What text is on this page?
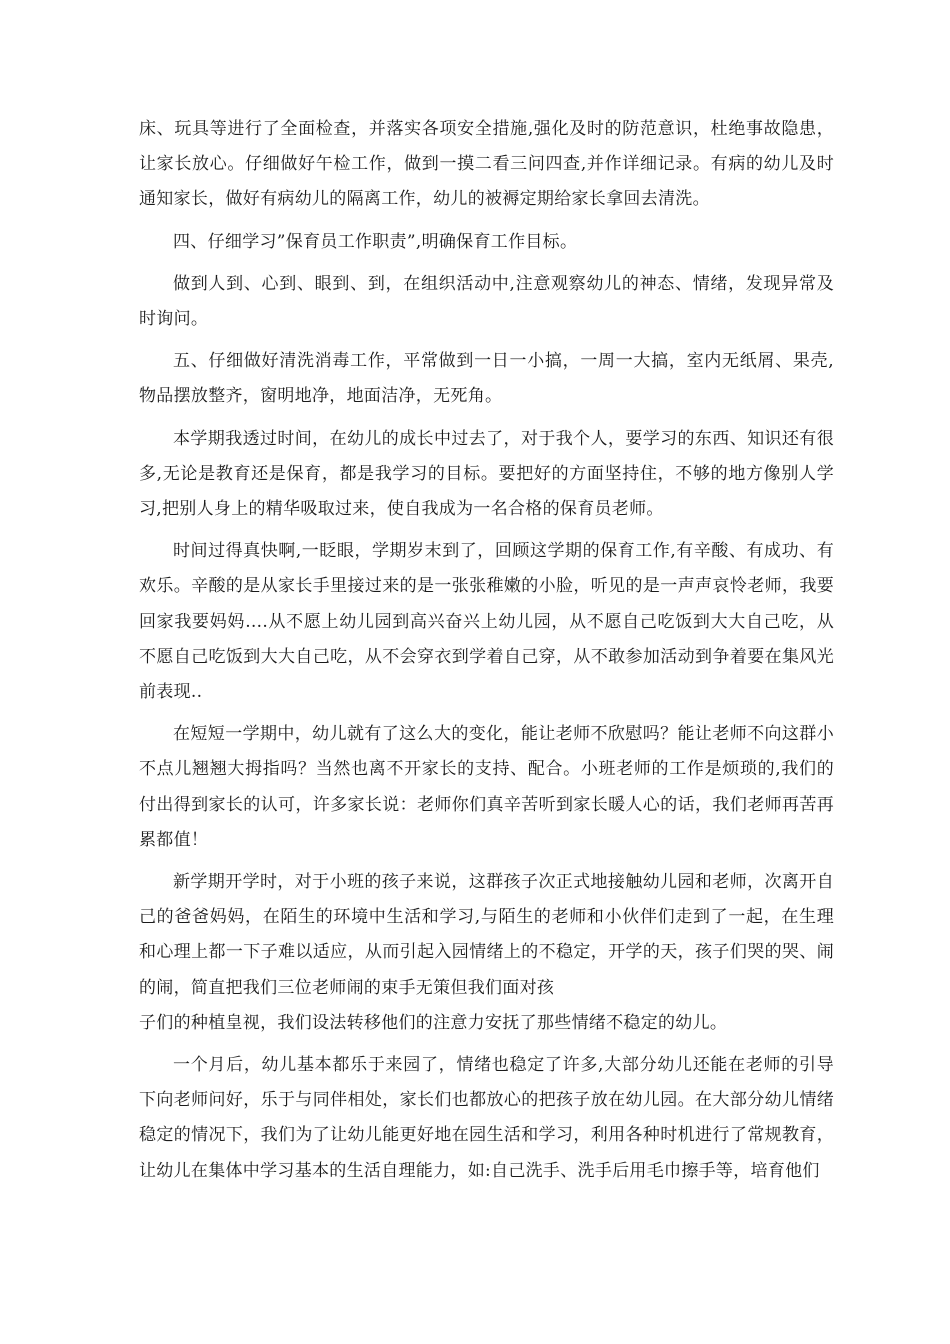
床、玩具等进行了全面检查，并落实各项安全措施,强化及时的防范意识，杜绝事故隐患，让家长放心。仔细做好午检工作，做到一摸二看三问四查,并作详细记录。有病的幼儿及时通知家长，做好有病幼儿的隔离工作，幼儿的被褥定期给家长拿回去清洗。

四、仔细学习”保育员工作职责”,明确保育工作目标。

做到人到、心到、眼到、到，在组织活动中,注意观察幼儿的神态、情绪，发现异常及时询问。

五、仔细做好清洗消毒工作，平常做到一日一小搞，一周一大搞，室内无纸屑、果壳,物品摆放整齐，窗明地净，地面洁净，无死角。

本学期我透过时间，在幼儿的成长中过去了，对于我个人，要学习的东西、知识还有很多,无论是教育还是保育，都是我学习的目标。要把好的方面坚持住，不够的地方像别人学习,把别人身上的精华吸取过来，使自我成为一名合格的保育员老师。

时间过得真快啊,一眨眼，学期岁末到了，回顾这学期的保育工作,有辛酸、有成功、有欢乐。辛酸的是从家长手里接过来的是一张张稚嫩的小脸，听见的是一声声哀怜老师，我要回家我要妈妈….从不愿上幼儿园到高兴奋兴上幼儿园，从不愿自己吃饭到大大自己吃，从不愿自己吃饭到大大自己吃，从不会穿衣到学着自己穿，从不敢参加活动到争着要在集风光前表现..

在短短一学期中，幼儿就有了这么大的变化，能让老师不欣慰吗？能让老师不向这群小不点儿翘翘大拇指吗？当然也离不开家长的支持、配合。小班老师的工作是烦琐的,我们的付出得到家长的认可，许多家长说：老师你们真辛苦听到家长暖人心的话，我们老师再苦再累都值！

新学期开学时，对于小班的孩子来说，这群孩子次正式地接触幼儿园和老师，次离开自己的爸爸妈妈，在陌生的环境中生活和学习,与陌生的老师和小伙伴们走到了一起，在生理和心理上都一下子难以适应，从而引起入园情绪上的不稳定，开学的天，孩子们哭的哭、闹的闹，简直把我们三位老师闹的束手无策但我们面对孩

子们的种植皇视，我们设法转移他们的注意力安抚了那些情绪不稳定的幼儿。

一个月后，幼儿基本都乐于来园了，情绪也稳定了许多,大部分幼儿还能在老师的引导下向老师问好，乐于与同伴相处，家长们也都放心的把孩子放在幼儿园。在大部分幼儿情绪稳定的情况下，我们为了让幼儿能更好地在园生活和学习，利用各种时机进行了常规教育，让幼儿在集体中学习基本的生活自理能力，如:自己洗手、洗手后用毛巾擦手等，培育他们
